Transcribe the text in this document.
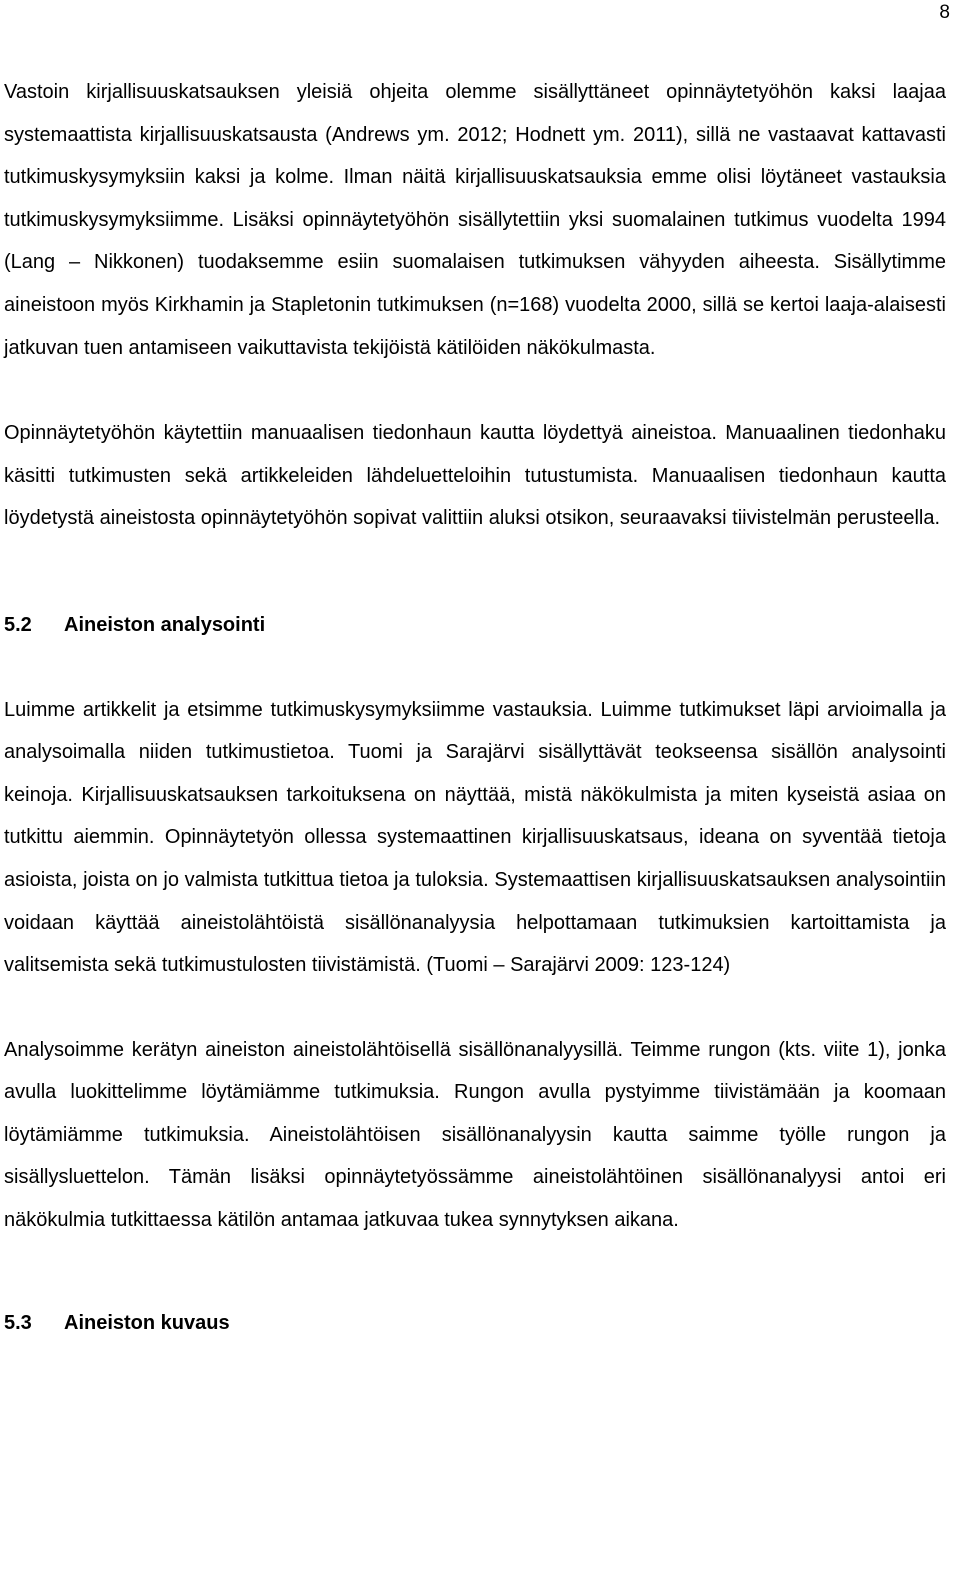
8

Vastoin kirjallisuuskatsauksen yleisiä ohjeita olemme sisällyttäneet opinnäytetyöhön kaksi laajaa systemaattista kirjallisuuskatsausta (Andrews ym. 2012; Hodnett ym. 2011), sillä ne vastaavat kattavasti tutkimuskysymyksiin kaksi ja kolme. Ilman näitä kirjallisuuskatsauksia emme olisi löytäneet vastauksia tutkimuskysymyksiimme. Lisäksi opinnäytetyöhön sisällytettiin yksi suomalainen tutkimus vuodelta 1994 (Lang – Nikkonen) tuodaksemme esiin suomalaisen tutkimuksen vähyyden aiheesta. Sisällytimme aineistoon myös Kirkhamin ja Stapletonin tutkimuksen (n=168) vuodelta 2000, sillä se kertoi laaja-alaisesti jatkuvan tuen antamiseen vaikuttavista tekijöistä kätilöiden näkökulmasta.

Opinnäytetyöhön käytettiin manuaalisen tiedonhaun kautta löydettyä aineistoa. Manuaalinen tiedonhaku käsitti tutkimusten sekä artikkeleiden lähdeluetteloihin tutustumista. Manuaalisen tiedonhaun kautta löydetystä aineistosta opinnäytetyöhön sopivat valittiin aluksi otsikon, seuraavaksi tiivistelmän perusteella.

5.2	Aineiston analysointi

Luimme artikkelit ja etsimme tutkimuskysymyksiimme vastauksia. Luimme tutkimukset läpi arvioimalla ja analysoimalla niiden tutkimustietoa. Tuomi ja Sarajärvi sisällyttävät teokseensa sisällön analysointi keinoja. Kirjallisuuskatsauksen tarkoituksena on näyttää, mistä näkökulmista ja miten kyseistä asiaa on tutkittu aiemmin. Opinnäytetyön ollessa systemaattinen kirjallisuuskatsaus, ideana on syventää tietoja asioista, joista on jo valmista tutkittua tietoa ja tuloksia. Systemaattisen kirjallisuuskatsauksen analysointiin voidaan käyttää aineistolähtöistä sisällönanalyysia helpottamaan tutkimuksien kartoittamista ja valitsemista sekä tutkimustulosten tiivistämistä. (Tuomi – Sarajärvi 2009: 123-124)

Analysoimme kerätyn aineiston aineistolähtöisellä sisällönanalyysillä. Teimme rungon (kts. viite 1), jonka avulla luokittelimme löytämiämme tutkimuksia. Rungon avulla pystyimme tiivistämään ja koomaan löytämiämme tutkimuksia. Aineistolähtöisen sisällönanalyysin kautta saimme työlle rungon ja sisällysluettelon. Tämän lisäksi opinnäytetyössämme aineistolähtöinen sisällönanalyysi antoi eri näkökulmia tutkittaessa kätilön antamaa jatkuvaa tukea synnytyksen aikana.

5.3	Aineiston kuvaus
